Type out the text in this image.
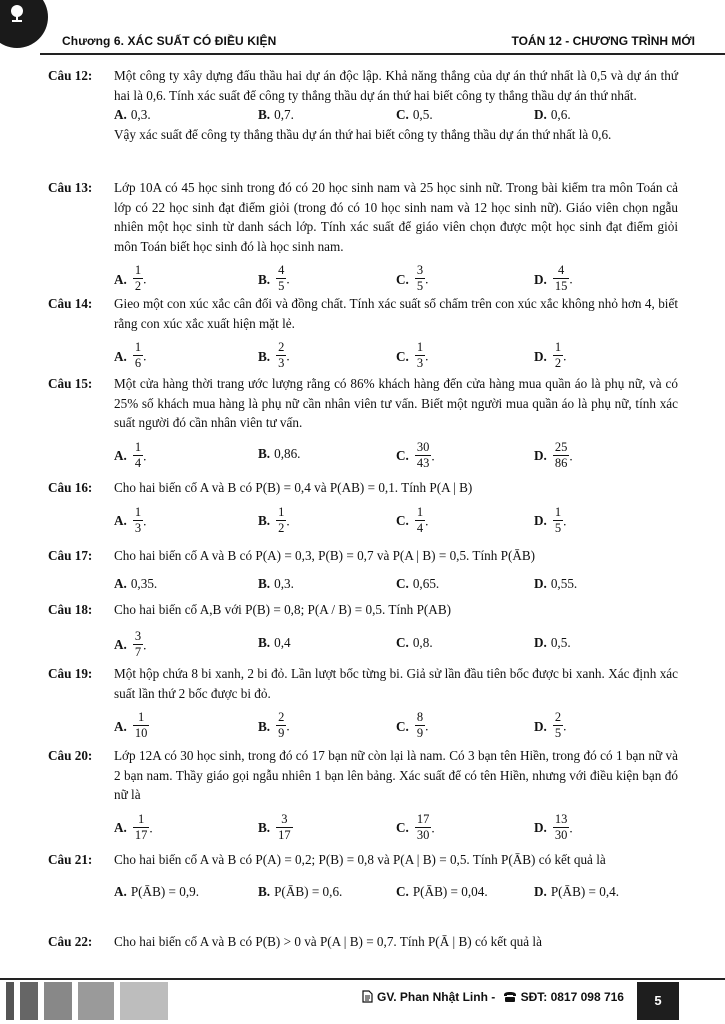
Chương 6. XÁC SUẤT CÓ ĐIỀU KIỆN	TOÁN 12 - CHƯƠNG TRÌNH MỚI
Câu 12:	Một công ty xây dựng đấu thầu hai dự án độc lập. Khả năng thắng của dự án thứ nhất là 0,5 và dự án thứ hai là 0,6. Tính xác suất để công ty thắng thầu dự án thứ hai biết công ty thắng thầu dự án thứ nhất.
A. 0,3.	B. 0,7.	C. 0,5.	D. 0,6.
Vậy xác suất để công ty thắng thầu dự án thứ hai biết công ty thắng thầu dự án thứ nhất là 0,6.
Câu 13:	Lớp 10A có 45 học sinh trong đó có 20 học sinh nam và 25 học sinh nữ. Trong bài kiểm tra môn Toán cả lớp có 22 học sinh đạt điểm giỏi (trong đó có 10 học sinh nam và 12 học sinh nữ). Giáo viên chọn ngẫu nhiên một học sinh từ danh sách lớp. Tính xác suất để giáo viên chọn được một học sinh đạt điểm giỏi môn Toán biết học sinh đó là học sinh nam.
A. $\frac{1}{2}$ .	B. $\frac{4}{5}$ .	C. $\frac{3}{5}$ .	D. $\frac{4}{15}$ .
Câu 14:	Gieo một con xúc xắc cân đối và đồng chất. Tính xác suất số chấm trên con xúc xắc không nhỏ hơn 4, biết rằng con xúc xắc xuất hiện mặt lẻ.
A. $\frac{1}{6}$ .	B. $\frac{2}{3}$ .	C. $\frac{1}{3}$ .	D. $\frac{1}{2}$ .
Câu 15:	Một cửa hàng thời trang ước lượng rằng có 86% khách hàng đến cửa hàng mua quần áo là phụ nữ, và có 25% số khách mua hàng là phụ nữ cần nhân viên tư vấn. Biết một người mua quần áo là phụ nữ, tính xác suất người đó cần nhân viên tư vấn.
A. $\frac{1}{4}$ .	B. 0,86.	C. $\frac{30}{43}$ .	D. $\frac{25}{86}$ .
Câu 16:	Cho hai biến cố A và B có P(B) = 0,4 và P(AB) = 0,1. Tính P(A | B)
A. $\frac{1}{3}$ .	B. $\frac{1}{2}$ .	C. $\frac{1}{4}$ .	D. $\frac{1}{5}$ .
Câu 17:	Cho hai biến cố A và B có P(A) = 0,3, P(B) = 0,7 và P(A | B) = 0,5. Tính P(ĀB)
A. 0,35.	B. 0,3.	C. 0,65.	D. 0,55.
Câu 18:	Cho hai biến cố A,B với P(B) = 0,8; P(A / B) = 0,5. Tính P(AB)
A. $\frac{3}{7}$ .	B. 0,4	C. 0,8.	D. 0,5.
Câu 19:	Một hộp chứa 8 bi xanh, 2 bi đỏ. Lần lượt bốc từng bi. Giả sử lần đầu tiên bốc được bi xanh. Xác định xác suất lần thứ 2 bốc được bi đỏ.
A. $\frac{1}{10}$	B. $\frac{2}{9}$ .	C. $\frac{8}{9}$ .	D. $\frac{2}{5}$ .
Câu 20:	Lớp 12A có 30 học sinh, trong đó có 17 bạn nữ còn lại là nam. Có 3 bạn tên Hiền, trong đó có 1 bạn nữ và 2 bạn nam. Thầy giáo gọi ngẫu nhiên 1 bạn lên bảng. Xác suất để có tên Hiền, nhưng với điều kiện bạn đó nữ là
A. $\frac{1}{17}$ .	B. $\frac{3}{17}$	C. $\frac{17}{30}$ .	D. $\frac{13}{30}$ .
Câu 21:	Cho hai biến cố A và B có P(A) = 0,2; P(B) = 0,8 và P(A | B) = 0,5. Tính P(ĀB) có kết quả là
A. P(ĀB) = 0,9.	B. P(ĀB) = 0,6.	C. P(ĀB) = 0,04.	D. P(ĀB) = 0,4.
Câu 22:	Cho hai biến cố A và B có P(B) > 0 và P(A | B) = 0,7. Tính P(Ā | B) có kết quả là
GV. Phan Nhật Linh - SĐT: 0817 098 716	5
